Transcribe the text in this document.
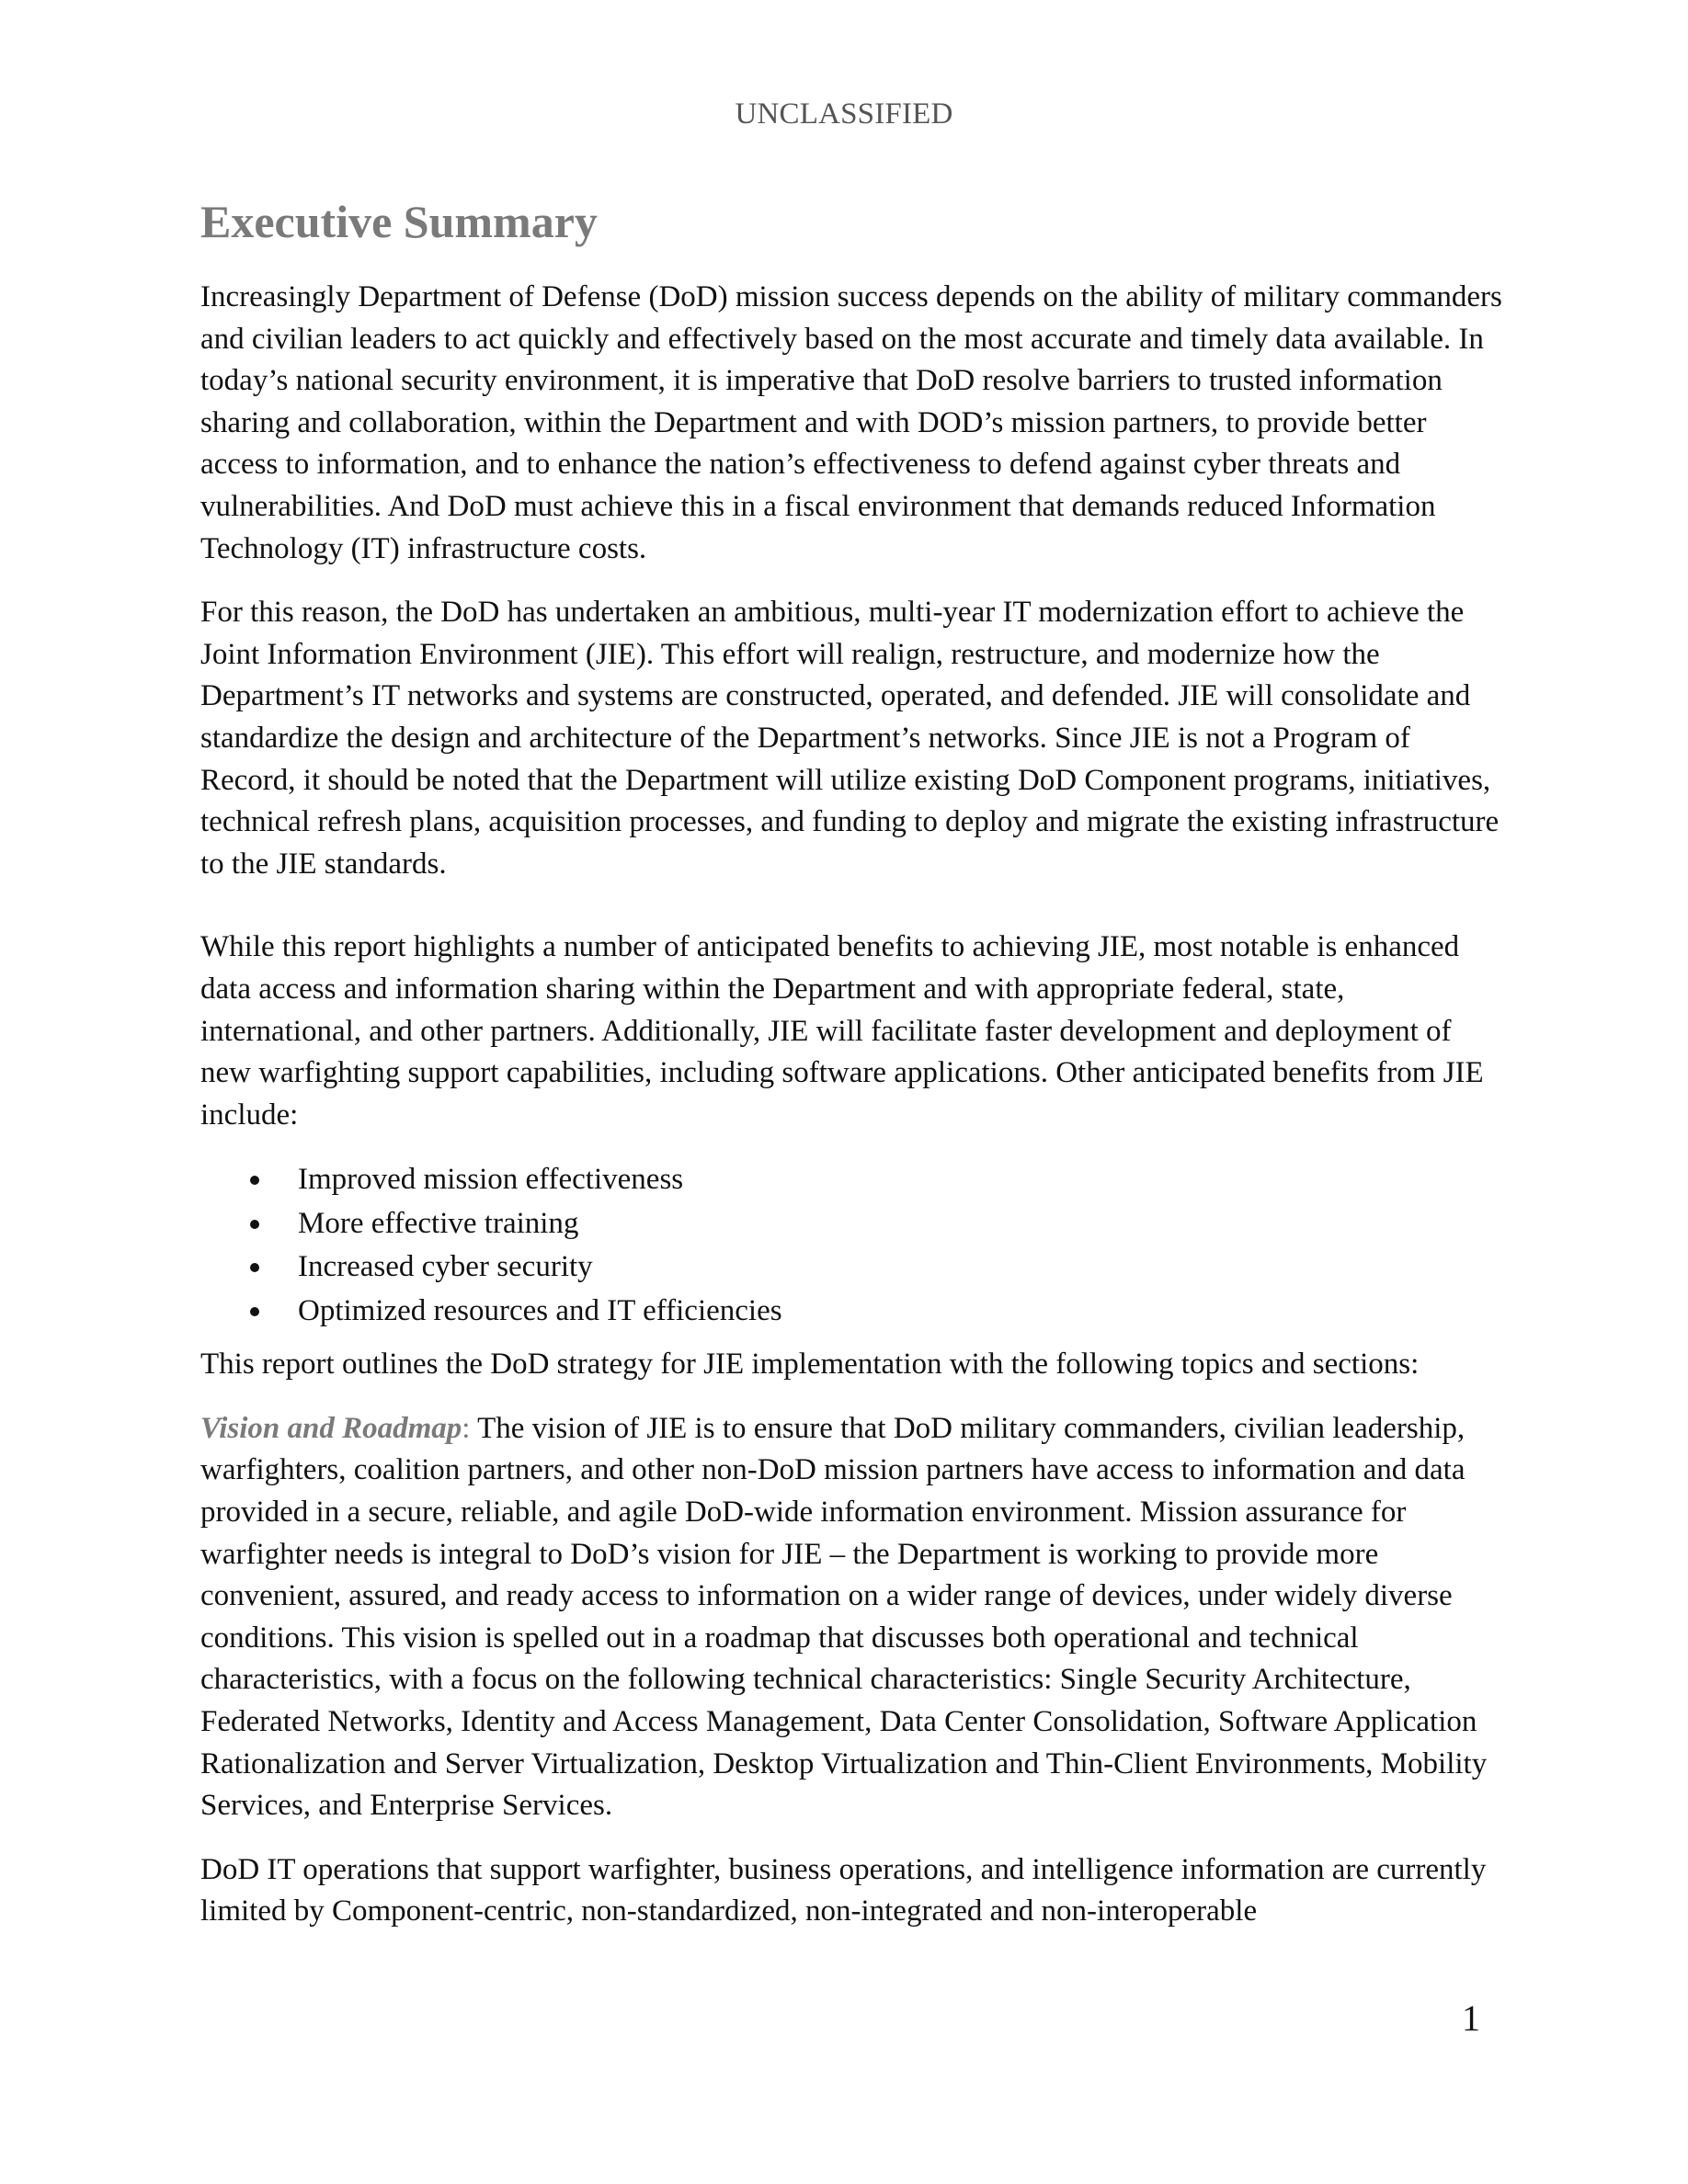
UNCLASSIFIED
Executive Summary

Increasingly Department of Defense (DoD) mission success depends on the ability of military commanders and civilian leaders to act quickly and effectively based on the most accurate and timely data available. In today’s national security environment, it is imperative that DoD resolve barriers to trusted information sharing and collaboration, within the Department and with DOD’s mission partners, to provide better access to information, and to enhance the nation’s effectiveness to defend against cyber threats and vulnerabilities. And DoD must achieve this in a fiscal environment that demands reduced Information Technology (IT) infrastructure costs.

For this reason, the DoD has undertaken an ambitious, multi-year IT modernization effort to achieve the Joint Information Environment (JIE). This effort will realign, restructure, and modernize how the Department’s IT networks and systems are constructed, operated, and defended. JIE will consolidate and standardize the design and architecture of the Department’s networks. Since JIE is not a Program of Record, it should be noted that the Department will utilize existing DoD Component programs, initiatives, technical refresh plans, acquisition processes, and funding to deploy and migrate the existing infrastructure to the JIE standards.

While this report highlights a number of anticipated benefits to achieving JIE, most notable is enhanced data access and information sharing within the Department and with appropriate federal, state, international, and other partners. Additionally, JIE will facilitate faster development and deployment of new warfighting support capabilities, including software applications. Other anticipated benefits from JIE include:

Improved mission effectiveness
More effective training
Increased cyber security
Optimized resources and IT efficiencies

This report outlines the DoD strategy for JIE implementation with the following topics and sections:

Vision and Roadmap: The vision of JIE is to ensure that DoD military commanders, civilian leadership, warfighters, coalition partners, and other non-DoD mission partners have access to information and data provided in a secure, reliable, and agile DoD-wide information environment. Mission assurance for warfighter needs is integral to DoD’s vision for JIE – the Department is working to provide more convenient, assured, and ready access to information on a wider range of devices, under widely diverse conditions. This vision is spelled out in a roadmap that discusses both operational and technical characteristics, with a focus on the following technical characteristics: Single Security Architecture, Federated Networks, Identity and Access Management, Data Center Consolidation, Software Application Rationalization and Server Virtualization, Desktop Virtualization and Thin-Client Environments, Mobility Services, and Enterprise Services.

DoD IT operations that support warfighter, business operations, and intelligence information are currently limited by Component-centric, non-standardized, non-integrated and non-interoperable

1
